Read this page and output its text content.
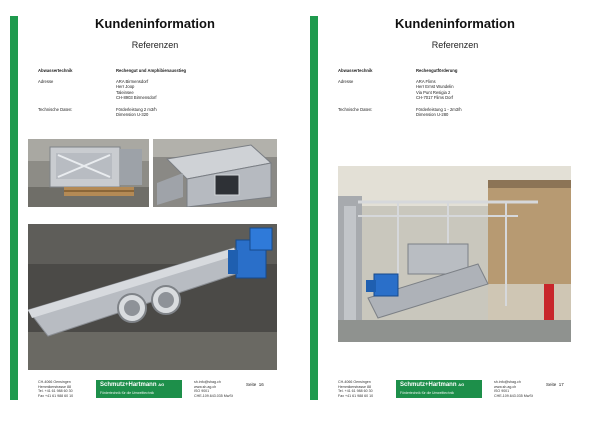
Kundeninformation
Referenzen
Abwassertechnik	Rechengut und Amphibienausstieg
Adresse	ARA Birmensdorf
Herr Joop
Taleinsee
CH-8903 Birmensdorf
Technische Daten:	Förderleistung 2 m3/h
Dimension U-320
CH-4066 Oensingen
Hemmikerstrasse 88
Tel. +41 61 988 60 30
Fax +41 61 988 60 10
Schmutz+Hartmann AG
Fördertechnik für die Umwelttechnik
sh.info@shag.ch
www.sh.ag.ch
ISO 9001
CHE-109.643.035 MwSt
Seite 16
Kundeninformation
Referenzen
Abwassertechnik	Rechengutförderung
Adresse	ARA Flims
Herr Ernst Wundelin
Via Punt Resigia 2
CH-7017 Flims Dorf
Technische Daten:	Förderleistung 1 - 2m3/h
Dimension U-280
CH-4066 Oensingen
Hemmikerstrasse 88
Tel. +41 61 988 60 30
Fax +41 61 988 60 10
Schmutz+Hartmann AG
Fördertechnik für die Umwelttechnik
sh.info@shag.ch
www.sh.ag.ch
ISO 9001
CHE-109.643.035 MwSt
Seite 17
